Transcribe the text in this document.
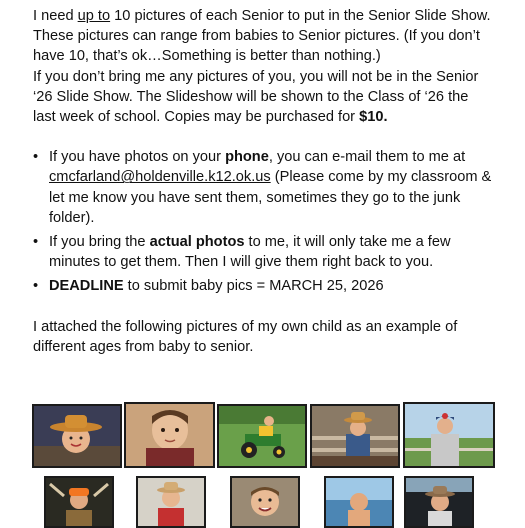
I need up to 10 pictures of each Senior to put in the Senior Slide Show. These pictures can range from babies to Senior pictures. (If you don’t have 10, that’s ok…Something is better than nothing.)

If you don’t bring me any pictures of you, you will not be in the Senior ‘26 Slide Show. The Slideshow will be shown to the Class of ‘26 the last week of school. Copies may be purchased for $10.

• If you have photos on your phone, you can e-mail them to me at cmcfarland@holdenville.k12.ok.us (Please come by my classroom & let me know you have sent them, sometimes they go to the junk folder).
• If you bring the actual photos to me, it will only take me a few minutes to get them. Then I will give them right back to you.
• DEADLINE to submit baby pics = MARCH 25, 2026

I attached the following pictures of my own child as an example of different ages from baby to senior.
